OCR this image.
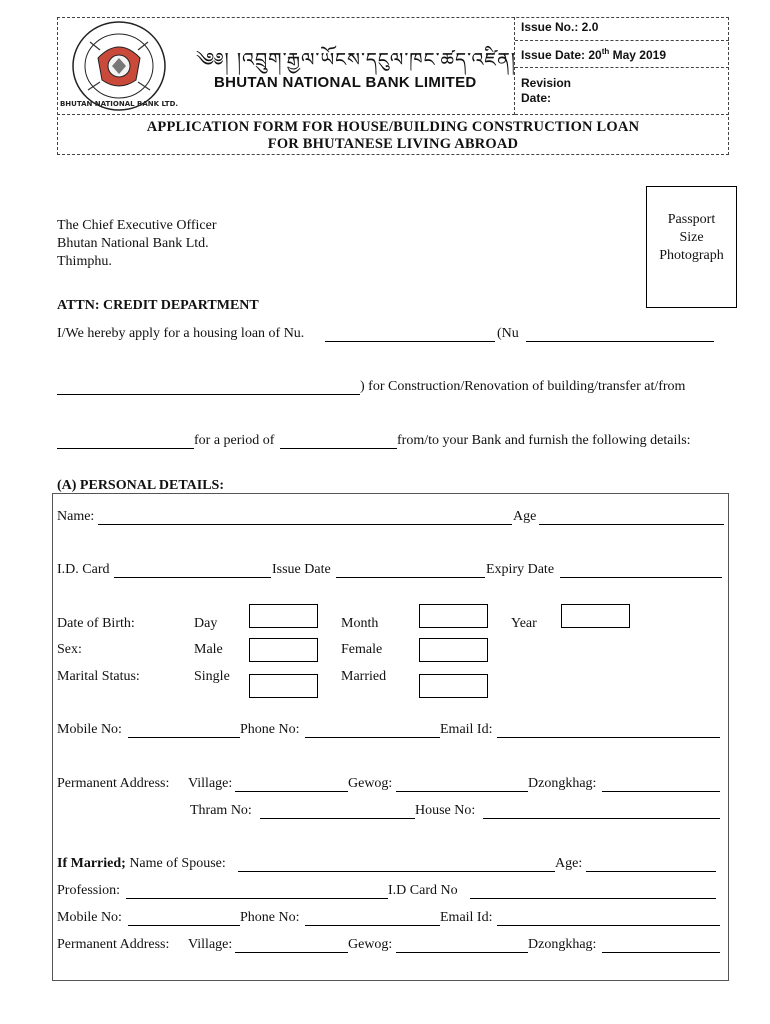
BHUTAN NATIONAL BANK LTD.
༄༅། །འབྲུག་རྒྱལ་ཡོངས་དངུལ་ཁང་ཚད་འཛིན།
BHUTAN NATIONAL BANK LIMITED
Issue No.: 2.0
Issue Date: 20th May 2019
Revision
Date:
APPLICATION FORM FOR HOUSE/BUILDING CONSTRUCTION LOAN
FOR BHUTANESE LIVING ABROAD
The Chief Executive Officer
Bhutan National Bank Ltd.
Thimphu.
Passport
Size
Photograph
ATTN: CREDIT DEPARTMENT
I/We hereby apply for a housing loan of Nu.	(Nu
) for Construction/Renovation of building/transfer at/from
for a period of	from/to your Bank and furnish the following details:
(A) PERSONAL DETAILS:
Name:	Age
I.D. Card	Issue Date	Expiry Date
Date of Birth:	Day	Month	Year
Sex:	Male	Female
Marital Status:	Single	Married
Mobile No:	Phone No:	Email Id:
Permanent Address: Village:	Gewog:	Dzongkhag:
Thram No:	House No:
If Married; Name of Spouse:	Age:
Profession:	I.D Card No
Mobile No:	Phone No:	Email Id:
Permanent Address: Village:	Gewog:	Dzongkhag:
